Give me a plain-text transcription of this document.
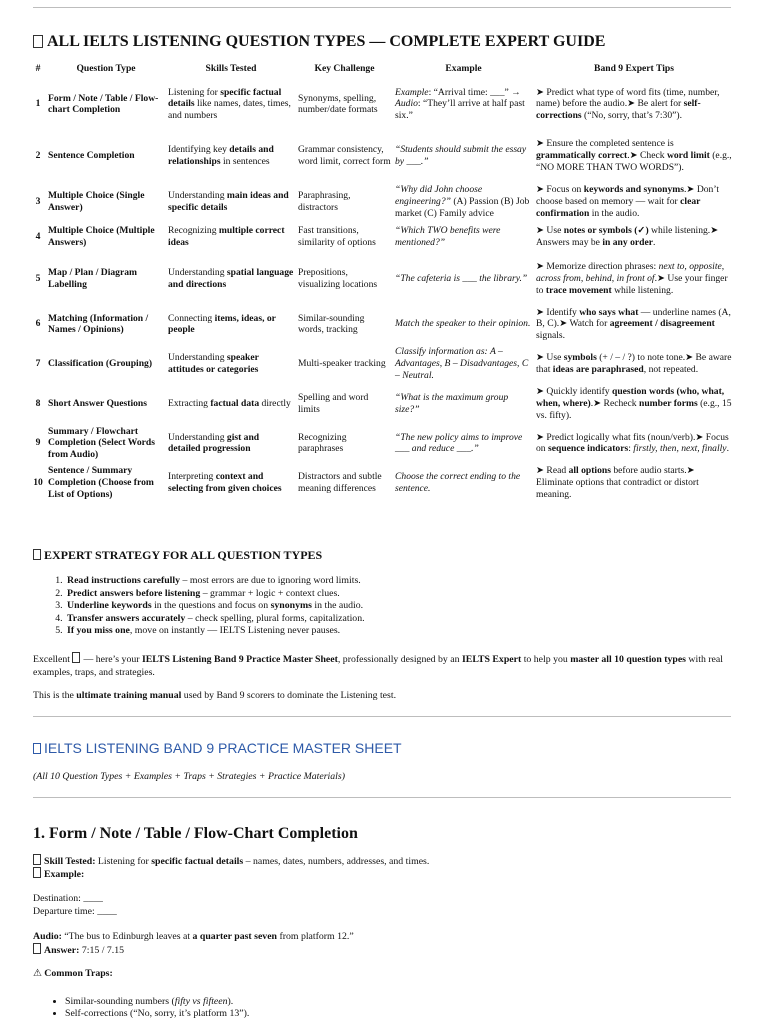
ALL IELTS LISTENING QUESTION TYPES — COMPLETE EXPERT GUIDE
#	Question Type	Skills Tested	Key Challenge	Example	Band 9 Expert Tips
1	Form / Note / Table / Flow-chart Completion	Listening for specific factual details like names, dates, times, and numbers	Synonyms, spelling, number/date formats	Example: “Arrival time: ___” → Audio: “They’ll arrive at half past six.”	➤ Predict what type of word fits (time, number, name) before the audio.➤ Be alert for self-corrections (“No, sorry, that’s 7:30”).
2	Sentence Completion	Identifying key details and relationships in sentences	Grammar consistency, word limit, correct form	“Students should submit the essay by ___.”	➤ Ensure the completed sentence is grammatically correct.➤ Check word limit (e.g., “NO MORE THAN TWO WORDS”).
3	Multiple Choice (Single Answer)	Understanding main ideas and specific details	Paraphrasing, distractors	“Why did John choose engineering?” (A) Passion (B) Job market (C) Family advice	➤ Focus on keywords and synonyms.➤ Don’t choose based on memory — wait for clear confirmation in the audio.
4	Multiple Choice (Multiple Answers)	Recognizing multiple correct ideas	Fast transitions, similarity of options	“Which TWO benefits were mentioned?”	➤ Use notes or symbols (✓) while listening.➤ Answers may be in any order.
5	Map / Plan / Diagram Labelling	Understanding spatial language and directions	Prepositions, visualizing locations	“The cafeteria is ___ the library.”	➤ Memorize direction phrases: next to, opposite, across from, behind, in front of.➤ Use your finger to trace movement while listening.
6	Matching (Information / Names / Opinions)	Connecting items, ideas, or people	Similar-sounding words, tracking	Match the speaker to their opinion.	➤ Identify who says what — underline names (A, B, C).➤ Watch for agreement / disagreement signals.
7	Classification (Grouping)	Understanding speaker attitudes or categories	Multi-speaker tracking	Classify information as: A – Advantages, B – Disadvantages, C – Neutral.	➤ Use symbols (+ / – / ?) to note tone.➤ Be aware that ideas are paraphrased, not repeated.
8	Short Answer Questions	Extracting factual data directly	Spelling and word limits	“What is the maximum group size?”	➤ Quickly identify question words (who, what, when, where).➤ Recheck number forms (e.g., 15 vs. fifty).
9	Summary / Flowchart Completion (Select Words from Audio)	Understanding gist and detailed progression	Recognizing paraphrases	“The new policy aims to improve ___ and reduce ___.”	➤ Predict logically what fits (noun/verb).➤ Focus on sequence indicators: firstly, then, next, finally.
10	Sentence / Summary Completion (Choose from List of Options)	Interpreting context and selecting from given choices	Distractors and subtle meaning differences	Choose the correct ending to the sentence.	➤ Read all options before audio starts.➤ Eliminate options that contradict or distort meaning.
EXPERT STRATEGY FOR ALL QUESTION TYPES
1. Read instructions carefully – most errors are due to ignoring word limits.
2. Predict answers before listening – grammar + logic + context clues.
3. Underline keywords in the questions and focus on synonyms in the audio.
4. Transfer answers accurately – check spelling, plural forms, capitalization.
5. If you miss one, move on instantly — IELTS Listening never pauses.

Excellent — here’s your IELTS Listening Band 9 Practice Master Sheet, professionally designed by an IELTS Expert to help you master all 10 question types with real examples, traps, and strategies.

This is the ultimate training manual used by Band 9 scorers to dominate the Listening test.

IELTS LISTENING BAND 9 PRACTICE MASTER SHEET

(All 10 Question Types + Examples + Traps + Strategies + Practice Materials)

1. Form / Note / Table / Flow-Chart Completion

Skill Tested: Listening for specific factual details – names, dates, numbers, addresses, and times.

Example:

Destination: ____

Departure time: ____

Audio: “The bus to Edinburgh leaves at a quarter past seven from platform 12.”

Answer: 7:15 / 7.15

⚠ Common Traps:

• Similar-sounding numbers (fifty vs fifteen).
• Self-corrections (“No, sorry, it’s platform 13”).
